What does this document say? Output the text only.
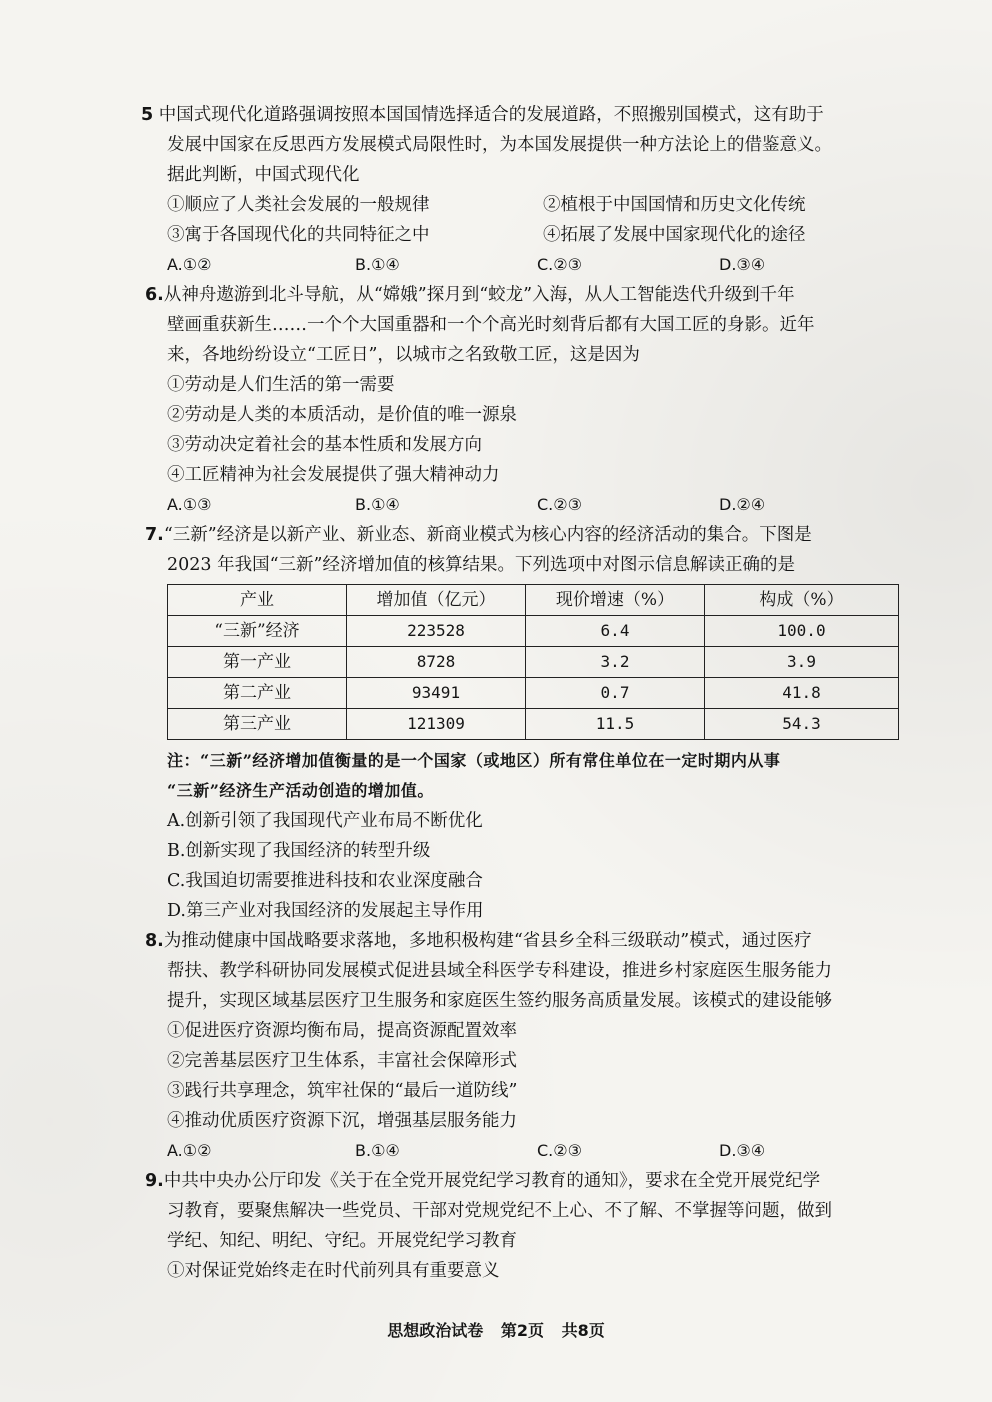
5 中国式现代化道路强调按照本国国情选择适合的发展道路，不照搬别国模式，这有助于

发展中国家在反思西方发展模式局限性时，为本国发展提供一种方法论上的借鉴意义。

据此判断，中国式现代化

①顺应了人类社会发展的一般规律	②植根于中国国情和历史文化传统
③寓于各国现代化的共同特征之中	④拓展了发展中国家现代化的途径
A.①②	B.①④	C.②③	D.③④

6.从神舟遨游到北斗导航，从“嫦娥”探月到“蛟龙”入海，从人工智能迭代升级到千年

壁画重获新生……一个个大国重器和一个个高光时刻背后都有大国工匠的身影。近年

来，各地纷纷设立“工匠日”，以城市之名致敬工匠，这是因为

①劳动是人们生活的第一需要

②劳动是人类的本质活动，是价值的唯一源泉

③劳动决定着社会的基本性质和发展方向

④工匠精神为社会发展提供了强大精神动力

A.①③	B.①④	C.②③	D.②④

7.“三新”经济是以新产业、新业态、新商业模式为核心内容的经济活动的集合。下图是

2023 年我国“三新”经济增加值的核算结果。下列选项中对图示信息解读正确的是

产业	增加值（亿元）	现价增速（%）	构成（%）
“三新”经济	223528	6.4	100.0
第一产业	8728	3.2	3.9
第二产业	93491	0.7	41.8
第三产业	121309	11.5	54.3

注：“三新”经济增加值衡量的是一个国家（或地区）所有常住单位在一定时期内从事

“三新”经济生产活动创造的增加值。

A.创新引领了我国现代产业布局不断优化

B.创新实现了我国经济的转型升级

C.我国迫切需要推进科技和农业深度融合

D.第三产业对我国经济的发展起主导作用

8.为推动健康中国战略要求落地，多地积极构建“省县乡全科三级联动”模式，通过医疗

帮扶、教学科研协同发展模式促进县域全科医学专科建设，推进乡村家庭医生服务能力

提升，实现区域基层医疗卫生服务和家庭医生签约服务高质量发展。该模式的建设能够

①促进医疗资源均衡布局，提高资源配置效率

②完善基层医疗卫生体系，丰富社会保障形式

③践行共享理念，筑牢社保的“最后一道防线”

④推动优质医疗资源下沉，增强基层服务能力

A.①②	B.①④	C.②③	D.③④

9.中共中央办公厅印发《关于在全党开展党纪学习教育的通知》，要求在全党开展党纪学

习教育，要聚焦解决一些党员、干部对党规党纪不上心、不了解、不掌握等问题，做到

学纪、知纪、明纪、守纪。开展党纪学习教育

①对保证党始终走在时代前列具有重要意义

思想政治试卷 第2页 共8页
